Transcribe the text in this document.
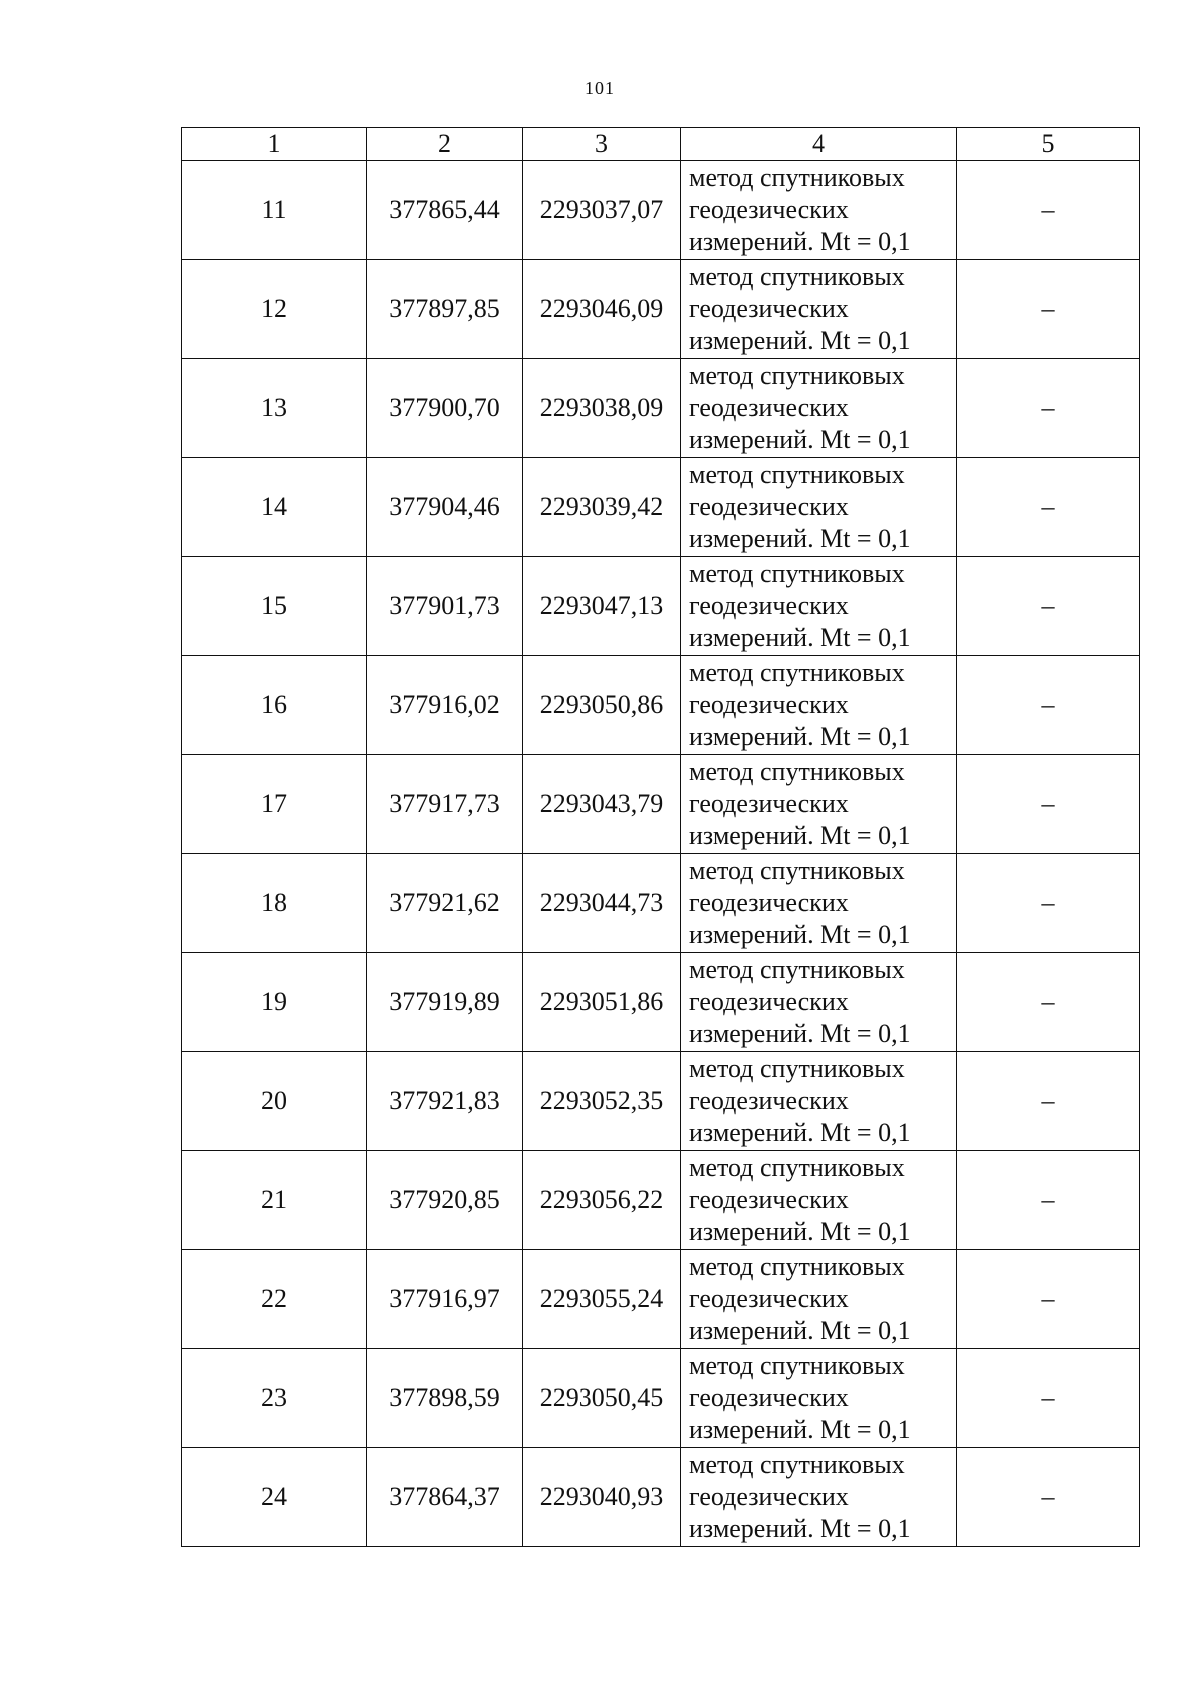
101
1	2	3	4	5
11	377865,44	2293037,07	метод спутниковых
геодезических
измерений. Mt = 0,1	–
12	377897,85	2293046,09	метод спутниковых
геодезических
измерений. Mt = 0,1	–
13	377900,70	2293038,09	метод спутниковых
геодезических
измерений. Mt = 0,1	–
14	377904,46	2293039,42	метод спутниковых
геодезических
измерений. Mt = 0,1	–
15	377901,73	2293047,13	метод спутниковых
геодезических
измерений. Mt = 0,1	–
16	377916,02	2293050,86	метод спутниковых
геодезических
измерений. Mt = 0,1	–
17	377917,73	2293043,79	метод спутниковых
геодезических
измерений. Mt = 0,1	–
18	377921,62	2293044,73	метод спутниковых
геодезических
измерений. Mt = 0,1	–
19	377919,89	2293051,86	метод спутниковых
геодезических
измерений. Mt = 0,1	–
20	377921,83	2293052,35	метод спутниковых
геодезических
измерений. Mt = 0,1	–
21	377920,85	2293056,22	метод спутниковых
геодезических
измерений. Mt = 0,1	–
22	377916,97	2293055,24	метод спутниковых
геодезических
измерений. Mt = 0,1	–
23	377898,59	2293050,45	метод спутниковых
геодезических
измерений. Mt = 0,1	–
24	377864,37	2293040,93	метод спутниковых
геодезических
измерений. Mt = 0,1	–
